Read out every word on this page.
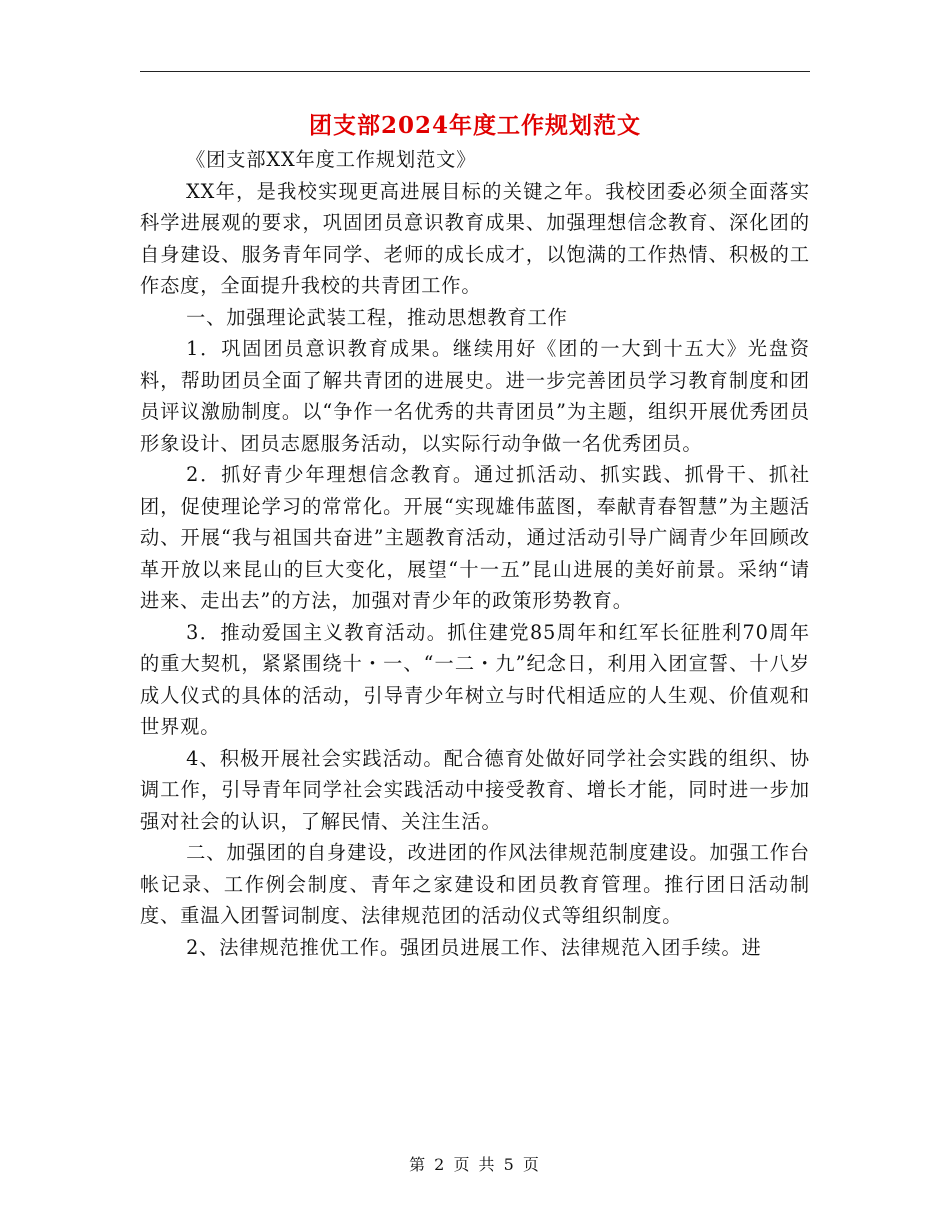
团支部2024年度工作规划范文

《团支部XX年度工作规划范文》

XX年，是我校实现更高进展目标的关键之年。我校团委必须全面落实科学进展观的要求，巩固团员意识教育成果、加强理想信念教育、深化团的自身建设、服务青年同学、老师的成长成才，以饱满的工作热情、积极的工作态度，全面提升我校的共青团工作。

一、加强理论武装工程，推动思想教育工作

1．巩固团员意识教育成果。继续用好《团的一大到十五大》光盘资料，帮助团员全面了解共青团的进展史。进一步完善团员学习教育制度和团员评议激励制度。以“争作一名优秀的共青团员”为主题，组织开展优秀团员形象设计、团员志愿服务活动，以实际行动争做一名优秀团员。

2．抓好青少年理想信念教育。通过抓活动、抓实践、抓骨干、抓社团，促使理论学习的常常化。开展“实现雄伟蓝图，奉献青春智慧”为主题活动、开展“我与祖国共奋进”主题教育活动，通过活动引导广阔青少年回顾改革开放以来昆山的巨大变化，展望“十一五”昆山进展的美好前景。采纳“请进来、走出去”的方法，加强对青少年的政策形势教育。

3．推动爱国主义教育活动。抓住建党85周年和红军长征胜利70周年的重大契机，紧紧围绕十・一、“一二・九”纪念日，利用入团宣誓、十八岁成人仪式的具体的活动，引导青少年树立与时代相适应的人生观、价值观和世界观。

4、积极开展社会实践活动。配合德育处做好同学社会实践的组织、协调工作，引导青年同学社会实践活动中接受教育、增长才能，同时进一步加强对社会的认识，了解民情、关注生活。

二、加强团的自身建设，改进团的作风法律规范制度建设。加强工作台帐记录、工作例会制度、青年之家建设和团员教育管理。推行团日活动制度、重温入团誓词制度、法律规范团的活动仪式等组织制度。

2、法律规范推优工作。强团员进展工作、法律规范入团手续。进

第 2 页 共 5 页
